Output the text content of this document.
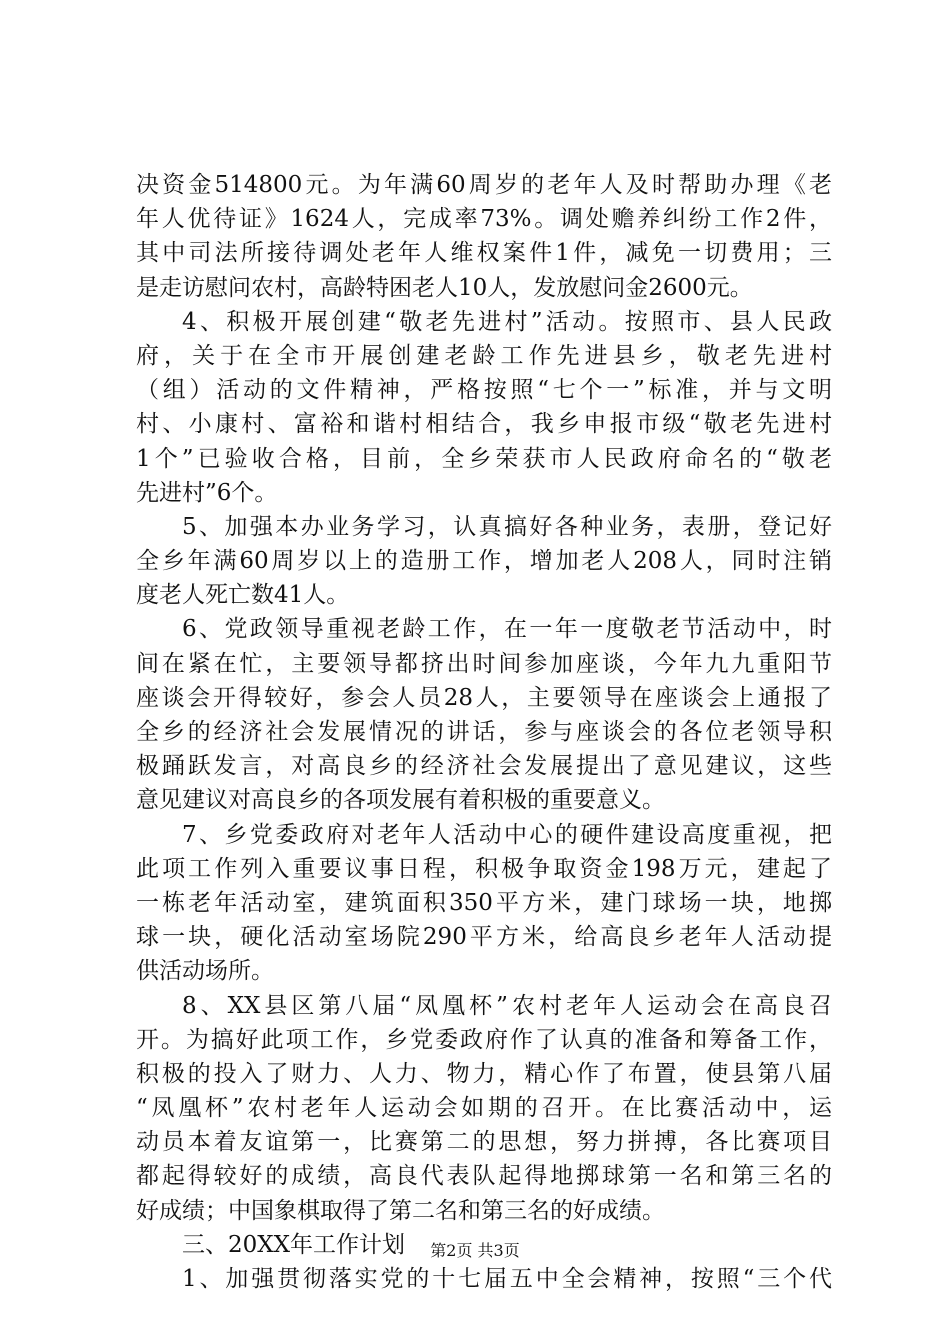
决资金514800元。为年满60周岁的老年人及时帮助办理《老
年人优待证》1624人，完成率73%。调处赡养纠纷工作2件，
其中司法所接待调处老年人维权案件1件，减免一切费用；三
是走访慰问农村，高龄特困老人10人，发放慰问金2600元。
4、积极开展创建“敬老先进村”活动。按照市、县人民政
府，关于在全市开展创建老龄工作先进县乡，敬老先进村
（组）活动的文件精神，严格按照“七个一”标准，并与文明
村、小康村、富裕和谐村相结合，我乡申报市级“敬老先进村
1个”已验收合格，目前，全乡荣获市人民政府命名的“敬老
先进村”6个。
5、加强本办业务学习，认真搞好各种业务，表册，登记好
全乡年满60周岁以上的造册工作，增加老人208人，同时注销
度老人死亡数41人。
6、党政领导重视老龄工作，在一年一度敬老节活动中，时
间在紧在忙，主要领导都挤出时间参加座谈，今年九九重阳节
座谈会开得较好，参会人员28人，主要领导在座谈会上通报了
全乡的经济社会发展情况的讲话，参与座谈会的各位老领导积
极踊跃发言，对高良乡的经济社会发展提出了意见建议，这些
意见建议对高良乡的各项发展有着积极的重要意义。
7、乡党委政府对老年人活动中心的硬件建设高度重视，把
此项工作列入重要议事日程，积极争取资金198万元，建起了
一栋老年活动室，建筑面积350平方米，建门球场一块，地掷
球一块，硬化活动室场院290平方米，给高良乡老年人活动提
供活动场所。
8、XX县区第八届“凤凰杯”农村老年人运动会在高良召
开。为搞好此项工作，乡党委政府作了认真的准备和筹备工作，
积极的投入了财力、人力、物力，精心作了布置，使县第八届
“凤凰杯”农村老年人运动会如期的召开。在比赛活动中，运
动员本着友谊第一，比赛第二的思想，努力拼搏，各比赛项目
都起得较好的成绩，高良代表队起得地掷球第一名和第三名的
好成绩；中国象棋取得了第二名和第三名的好成绩。
三、20XX年工作计划
1、加强贯彻落实党的十七届五中全会精神，按照“三个代
第2页 共3页
